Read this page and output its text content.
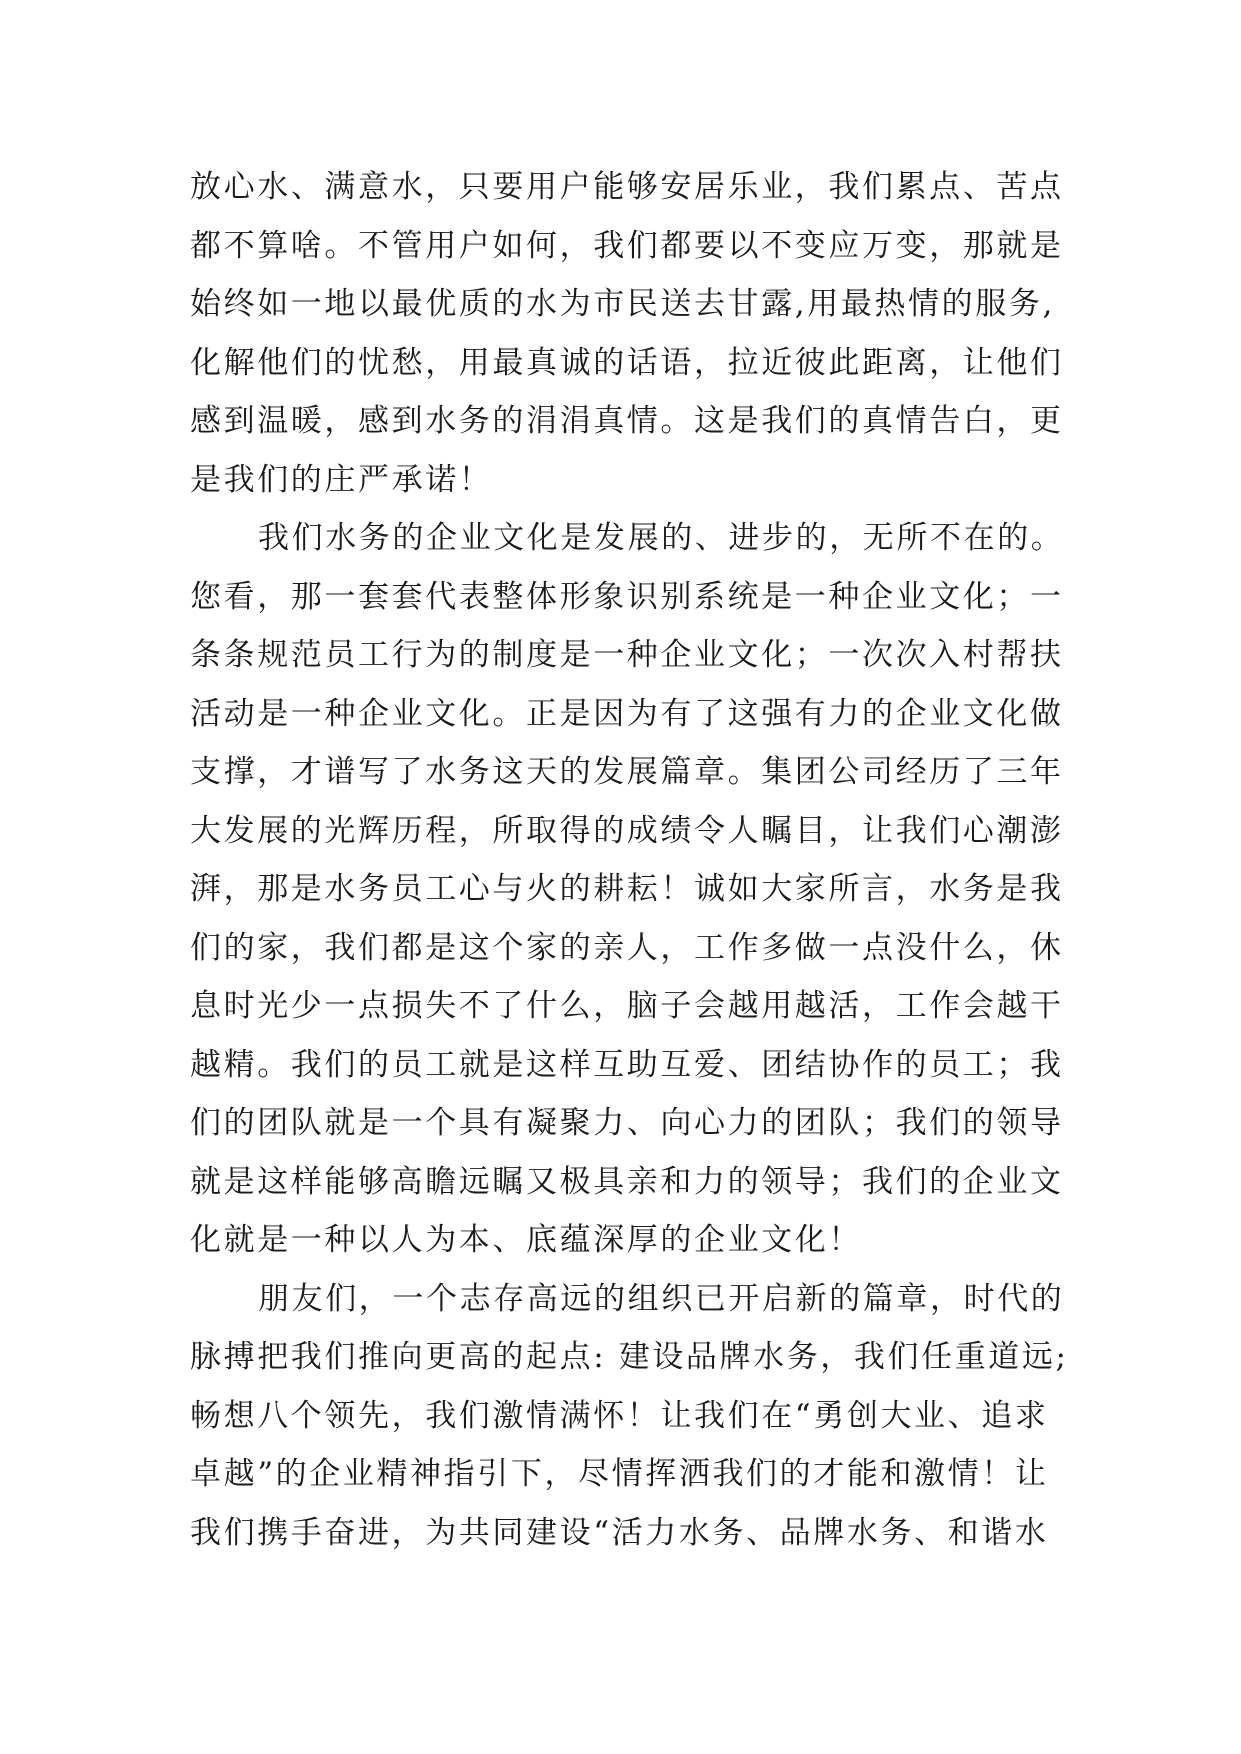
放心水、满意水，只要用户能够安居乐业，我们累点、苦点
都不算啥。不管用户如何，我们都要以不变应万变，那就是
始终如一地以最优质的水为市民送去甘露,用最热情的服务,
化解他们的忧愁，用最真诚的话语，拉近彼此距离，让他们
感到温暖，感到水务的涓涓真情。这是我们的真情告白，更
是我们的庄严承诺！
我们水务的企业文化是发展的、进步的，无所不在的。
您看，那一套套代表整体形象识别系统是一种企业文化；一
条条规范员工行为的制度是一种企业文化；一次次入村帮扶
活动是一种企业文化。正是因为有了这强有力的企业文化做
支撑，才谱写了水务这天的发展篇章。集团公司经历了三年
大发展的光辉历程，所取得的成绩令人瞩目，让我们心潮澎
湃，那是水务员工心与火的耕耘！诚如大家所言，水务是我
们的家，我们都是这个家的亲人，工作多做一点没什么，休
息时光少一点损失不了什么，脑子会越用越活，工作会越干
越精。我们的员工就是这样互助互爱、团结协作的员工；我
们的团队就是一个具有凝聚力、向心力的团队；我们的领导
就是这样能够高瞻远瞩又极具亲和力的领导；我们的企业文
化就是一种以人为本、底蕴深厚的企业文化！
朋友们，一个志存高远的组织已开启新的篇章，时代的
脉搏把我们推向更高的起点: 建设品牌水务，我们任重道远;
畅想八个领先，我们激情满怀！让我们在“勇创大业、追求
卓越”的企业精神指引下，尽情挥洒我们的才能和激情！让
我们携手奋进，为共同建设“活力水务、品牌水务、和谐水
